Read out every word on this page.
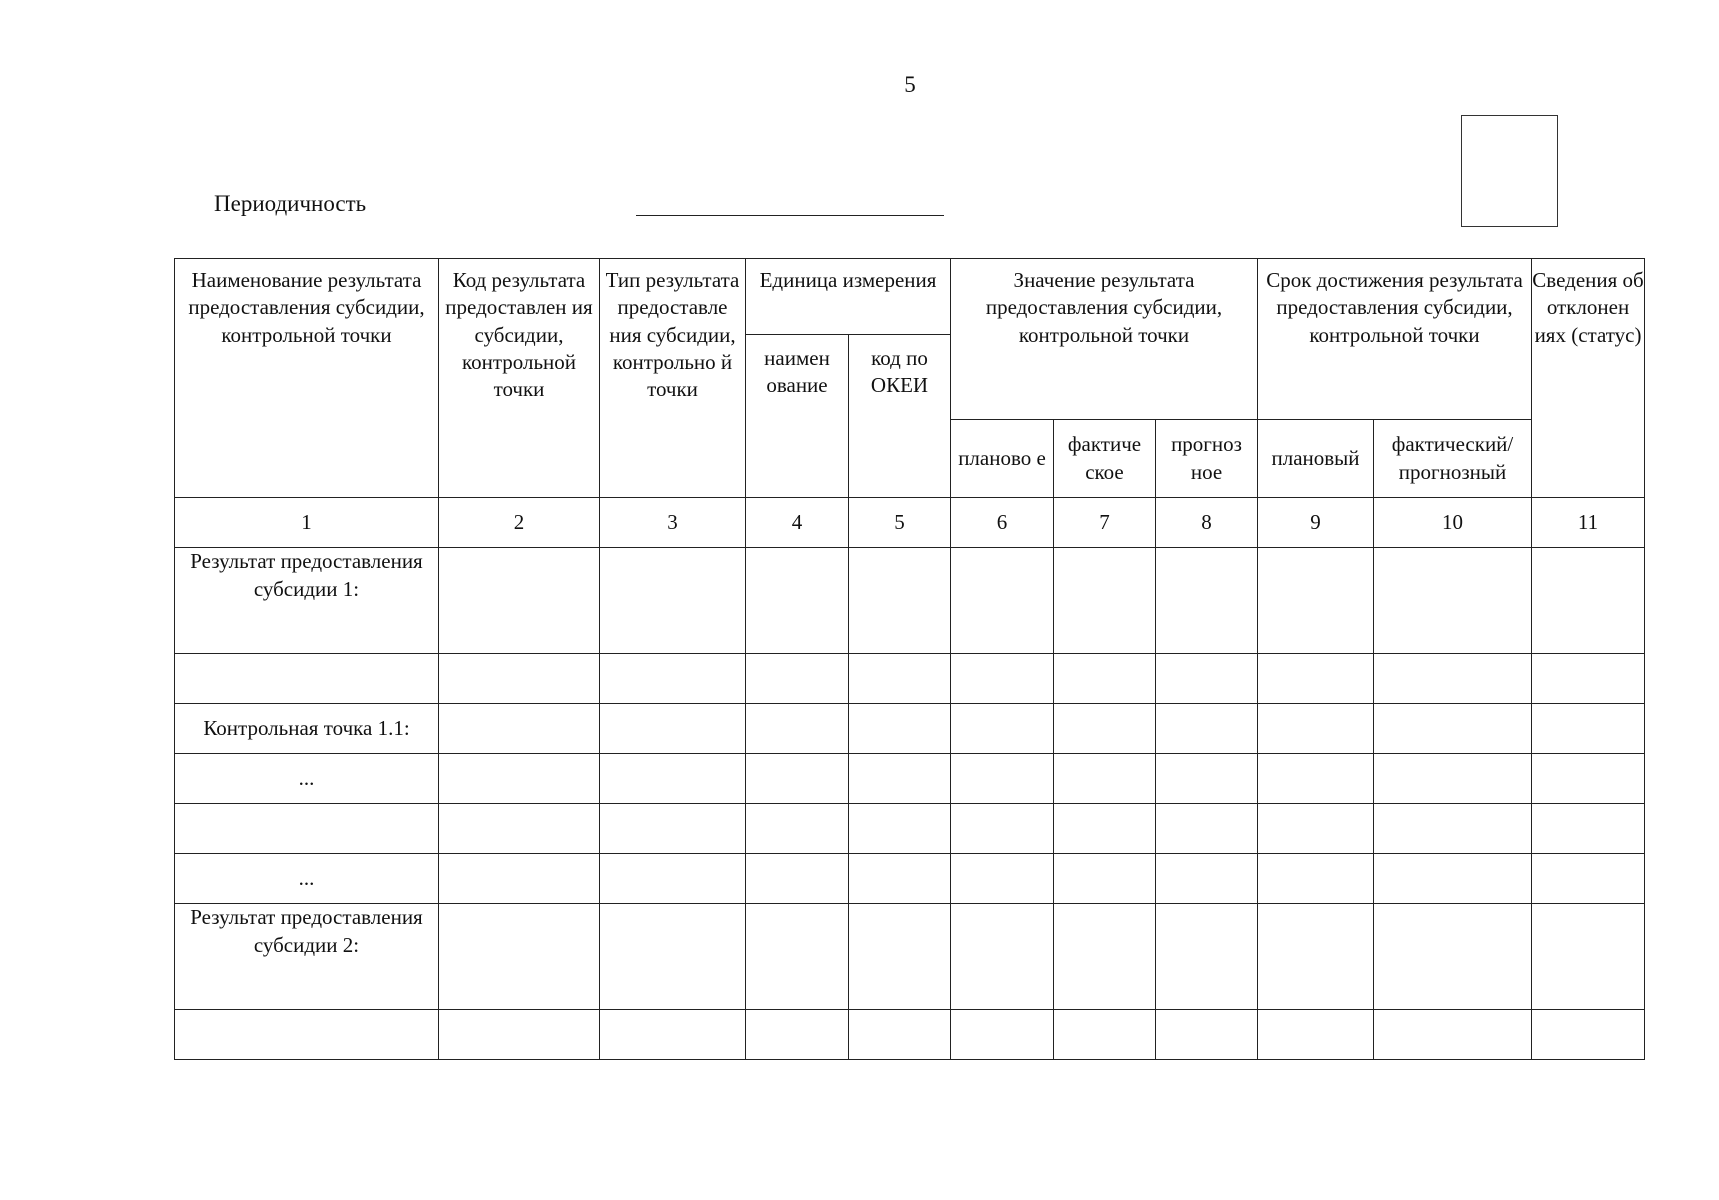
5
Периодичность
Наименование результата предоставления субсидии, контрольной точки	Код результата предоставлен ия субсидии, контрольной точки	Тип результата предоставле ния субсидии, контрольно й точки	Единица измерения		Значение результата предоставления субсидии, контрольной точки			Срок достижения результата предоставления субсидии, контрольной точки		Сведения об отклонен иях (статус)
			наимен ование	код по ОКЕИ						
					планово е	фактиче ское	прогноз ное	плановый	фактический/ прогнозный	
1	2	3	4	5	6	7	8	9	10	11
Результат предоставления субсидии 1:										

Контрольная точка 1.1:										
...										

...										
Результат предоставления субсидии 2:										
